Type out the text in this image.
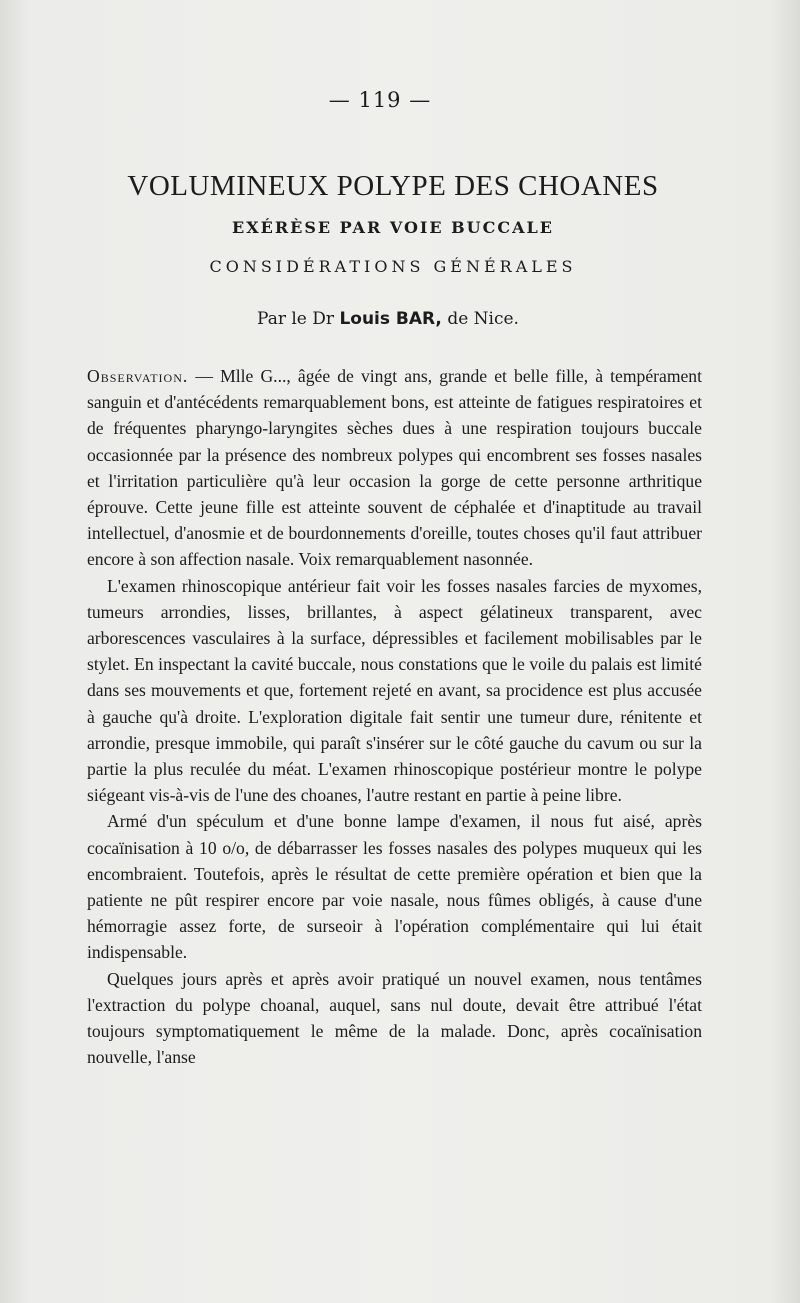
— 119 —
VOLUMINEUX POLYPE DES CHOANES
EXÉRÈSE PAR VOIE BUCCALE
CONSIDÉRATIONS GÉNÉRALES
Par le Dr Louis BAR, de Nice.

Observation. — Mlle G..., âgée de vingt ans, grande et belle fille, à tempérament sanguin et d'antécédents remarquablement bons, est atteinte de fatigues respiratoires et de fréquentes pharyngo-laryngites sèches dues à une respiration toujours buccale occasionnée par la présence des nombreux polypes qui encombrent ses fosses nasales et l'irritation particulière qu'à leur occasion la gorge de cette personne arthritique éprouve. Cette jeune fille est atteinte souvent de céphalée et d'inaptitude au travail intellectuel, d'anosmie et de bourdonnements d'oreille, toutes choses qu'il faut attribuer encore à son affection nasale. Voix remarquablement nasonnée.

L'examen rhinoscopique antérieur fait voir les fosses nasales farcies de myxomes, tumeurs arrondies, lisses, brillantes, à aspect gélatineux transparent, avec arborescences vasculaires à la surface, dépressibles et facilement mobilisables par le stylet. En inspectant la cavité buccale, nous constations que le voile du palais est limité dans ses mouvements et que, fortement rejeté en avant, sa procidence est plus accusée à gauche qu'à droite. L'exploration digitale fait sentir une tumeur dure, rénitente et arrondie, presque immobile, qui paraît s'insérer sur le côté gauche du cavum ou sur la partie la plus reculée du méat. L'examen rhinoscopique postérieur montre le polype siégeant vis-à-vis de l'une des choanes, l'autre restant en partie à peine libre.

Armé d'un spéculum et d'une bonne lampe d'examen, il nous fut aisé, après cocaïnisation à 10 o/o, de débarrasser les fosses nasales des polypes muqueux qui les encombraient. Toutefois, après le résultat de cette première opération et bien que la patiente ne pût respirer encore par voie nasale, nous fûmes obligés, à cause d'une hémorragie assez forte, de surseoir à l'opération complémentaire qui lui était indispensable.

Quelques jours après et après avoir pratiqué un nouvel examen, nous tentâmes l'extraction du polype choanal, auquel, sans nul doute, devait être attribué l'état toujours symptomatiquement le même de la malade. Donc, après cocaïnisation nouvelle, l'anse
